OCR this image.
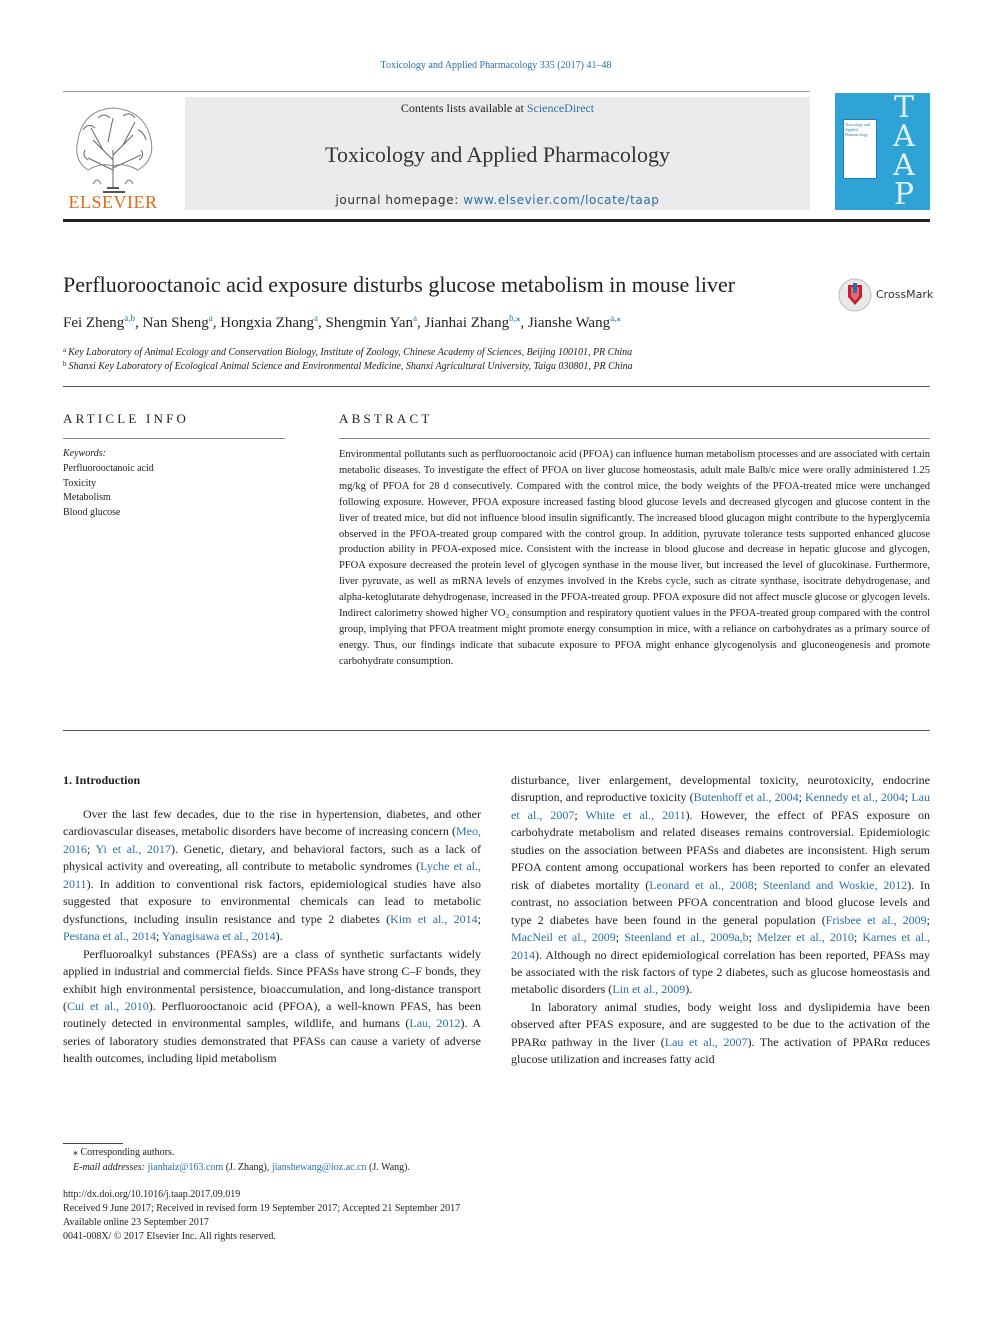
Toxicology and Applied Pharmacology 335 (2017) 41–48
ELSEVIER
Contents lists available at ScienceDirect
Toxicology and Applied Pharmacology
journal homepage: www.elsevier.com/locate/taap
Toxicology and Applied Pharmacology
T
A
A
P
Perfluorooctanoic acid exposure disturbs glucose metabolism in mouse liver	CrossMark
Fei Zheng$^{a,b}$, Nan Sheng$^a$, Hongxia Zhang$^a$, Shengmin Yan$^a$, Jianhai Zhang$^{b,⁎}$, Jianshe Wang$^{a,⁎}$
$^a$ Key Laboratory of Animal Ecology and Conservation Biology, Institute of Zoology, Chinese Academy of Sciences, Beijing 100101, PR China
$^b$ Shanxi Key Laboratory of Ecological Animal Science and Environmental Medicine, Shanxi Agricultural University, Taigu 030801, PR China
ARTICLE INFO
Keywords:
Perfluorooctanoic acid
Toxicity
Metabolism
Blood glucose
ABSTRACT
Environmental pollutants such as perfluorooctanoic acid (PFOA) can influence human metabolism processes and are associated with certain metabolic diseases. To investigate the effect of PFOA on liver glucose homeostasis, adult male Balb/c mice were orally administered 1.25 mg/kg of PFOA for 28 d consecutively. Compared with the control mice, the body weights of the PFOA-treated mice were unchanged following exposure. However, PFOA exposure increased fasting blood glucose levels and decreased glycogen and glucose content in the liver of treated mice, but did not influence blood insulin significantly. The increased blood glucagon might contribute to the hyperglycemia observed in the PFOA-treated group compared with the control group. In addition, pyruvate tolerance tests supported enhanced glucose production ability in PFOA-exposed mice. Consistent with the increase in blood glucose and decrease in hepatic glucose and glycogen, PFOA exposure decreased the protein level of glycogen synthase in the mouse liver, but increased the level of glucokinase. Furthermore, liver pyruvate, as well as mRNA levels of enzymes involved in the Krebs cycle, such as citrate synthase, isocitrate dehydrogenase, and alpha-ketoglutarate dehydrogenase, increased in the PFOA-treated group. PFOA exposure did not affect muscle glucose or glycogen levels. Indirect calorimetry showed higher VO₂ consumption and respiratory quotient values in the PFOA-treated group compared with the control group, implying that PFOA treatment might promote energy consumption in mice, with a reliance on carbohydrates as a primary source of energy. Thus, our findings indicate that subacute exposure to PFOA might enhance glycogenolysis and gluconeogenesis and promote carbohydrate consumption.
1. Introduction

Over the last few decades, due to the rise in hypertension, diabetes, and other cardiovascular diseases, metabolic disorders have become of increasing concern (Meo, 2016; Yi et al., 2017). Genetic, dietary, and behavioral factors, such as a lack of physical activity and overeating, all contribute to metabolic syndromes (Lyche et al., 2011). In addition to conventional risk factors, epidemiological studies have also suggested that exposure to environmental chemicals can lead to metabolic dysfunctions, including insulin resistance and type 2 diabetes (Kim et al., 2014; Pestana et al., 2014; Yanagisawa et al., 2014).

Perfluoroalkyl substances (PFASs) are a class of synthetic surfactants widely applied in industrial and commercial fields. Since PFASs have strong C–F bonds, they exhibit high environmental persistence, bioaccumulation, and long-distance transport (Cui et al., 2010). Perfluorooctanoic acid (PFOA), a well-known PFAS, has been routinely detected in environmental samples, wildlife, and humans (Lau, 2012). A series of laboratory studies demonstrated that PFASs can cause a variety of adverse health outcomes, including lipid metabolism

disturbance, liver enlargement, developmental toxicity, neurotoxicity, endocrine disruption, and reproductive toxicity (Butenhoff et al., 2004; Kennedy et al., 2004; Lau et al., 2007; White et al., 2011). However, the effect of PFAS exposure on carbohydrate metabolism and related diseases remains controversial. Epidemiologic studies on the association between PFASs and diabetes are inconsistent. High serum PFOA content among occupational workers has been reported to confer an elevated risk of diabetes mortality (Leonard et al., 2008; Steenland and Woskie, 2012). In contrast, no association between PFOA concentration and blood glucose levels and type 2 diabetes have been found in the general population (Frisbee et al., 2009; MacNeil et al., 2009; Steenland et al., 2009a,b; Melzer et al., 2010; Karnes et al., 2014). Although no direct epidemiological correlation has been reported, PFASs may be associated with the risk factors of type 2 diabetes, such as glucose homeostasis and metabolic disorders (Lin et al., 2009).

In laboratory animal studies, body weight loss and dyslipidemia have been observed after PFAS exposure, and are suggested to be due to the activation of the PPARα pathway in the liver (Lau et al., 2007). The activation of PPARα reduces glucose utilization and increases fatty acid

⁎ Corresponding authors.
E-mail addresses: jianhaiz@163.com (J. Zhang), jianshewang@ioz.ac.cn (J. Wang).
http://dx.doi.org/10.1016/j.taap.2017.09.019
Received 9 June 2017; Received in revised form 19 September 2017; Accepted 21 September 2017
Available online 23 September 2017
0041-008X/ © 2017 Elsevier Inc. All rights reserved.
